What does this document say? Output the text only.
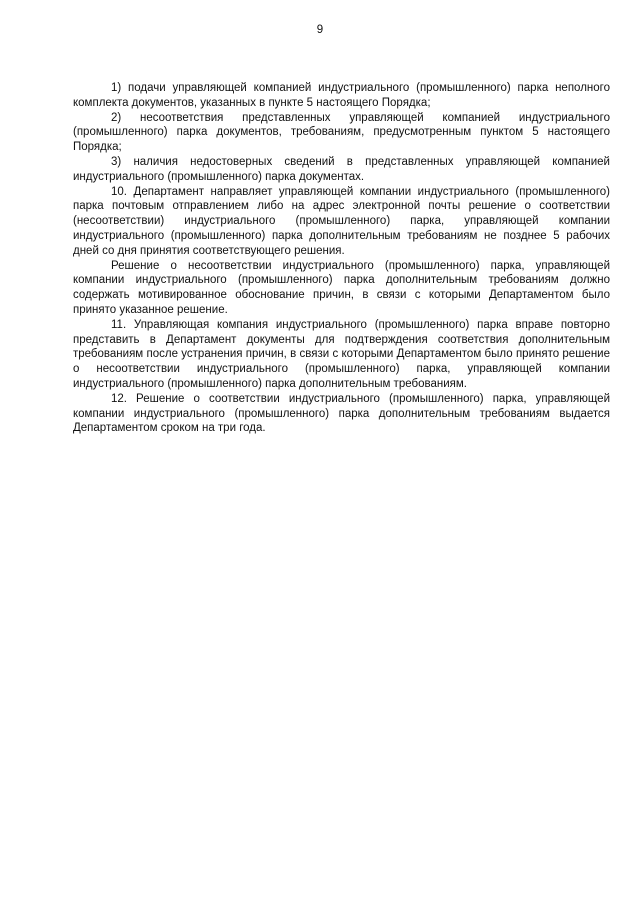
9

1) подачи управляющей компанией индустриального (промышленного) парка неполного комплекта документов, указанных в пункте 5 настоящего Порядка;

2) несоответствия представленных управляющей компанией индустриального (промышленного) парка документов, требованиям, предусмотренным пунктом 5 настоящего Порядка;

3) наличия недостоверных сведений в представленных управляющей компанией индустриального (промышленного) парка документах.

10. Департамент направляет управляющей компании индустриального (промышленного) парка почтовым отправлением либо на адрес электронной почты решение о соответствии (несоответствии) индустриального (промышленного) парка, управляющей компании индустриального (промышленного) парка дополнительным требованиям не позднее 5 рабочих дней со дня принятия соответствующего решения.

Решение о несоответствии индустриального (промышленного) парка, управляющей компании индустриального (промышленного) парка дополнительным требованиям должно содержать мотивированное обоснование причин, в связи с которыми Департаментом было принято указанное решение.

11. Управляющая компания индустриального (промышленного) парка вправе повторно представить в Департамент документы для подтверждения соответствия дополнительным требованиям после устранения причин, в связи с которыми Департаментом было принято решение о несоответствии индустриального (промышленного) парка, управляющей компании индустриального (промышленного) парка дополнительным требованиям.

12. Решение о соответствии индустриального (промышленного) парка, управляющей компании индустриального (промышленного) парка дополнительным требованиям выдается Департаментом сроком на три года.
